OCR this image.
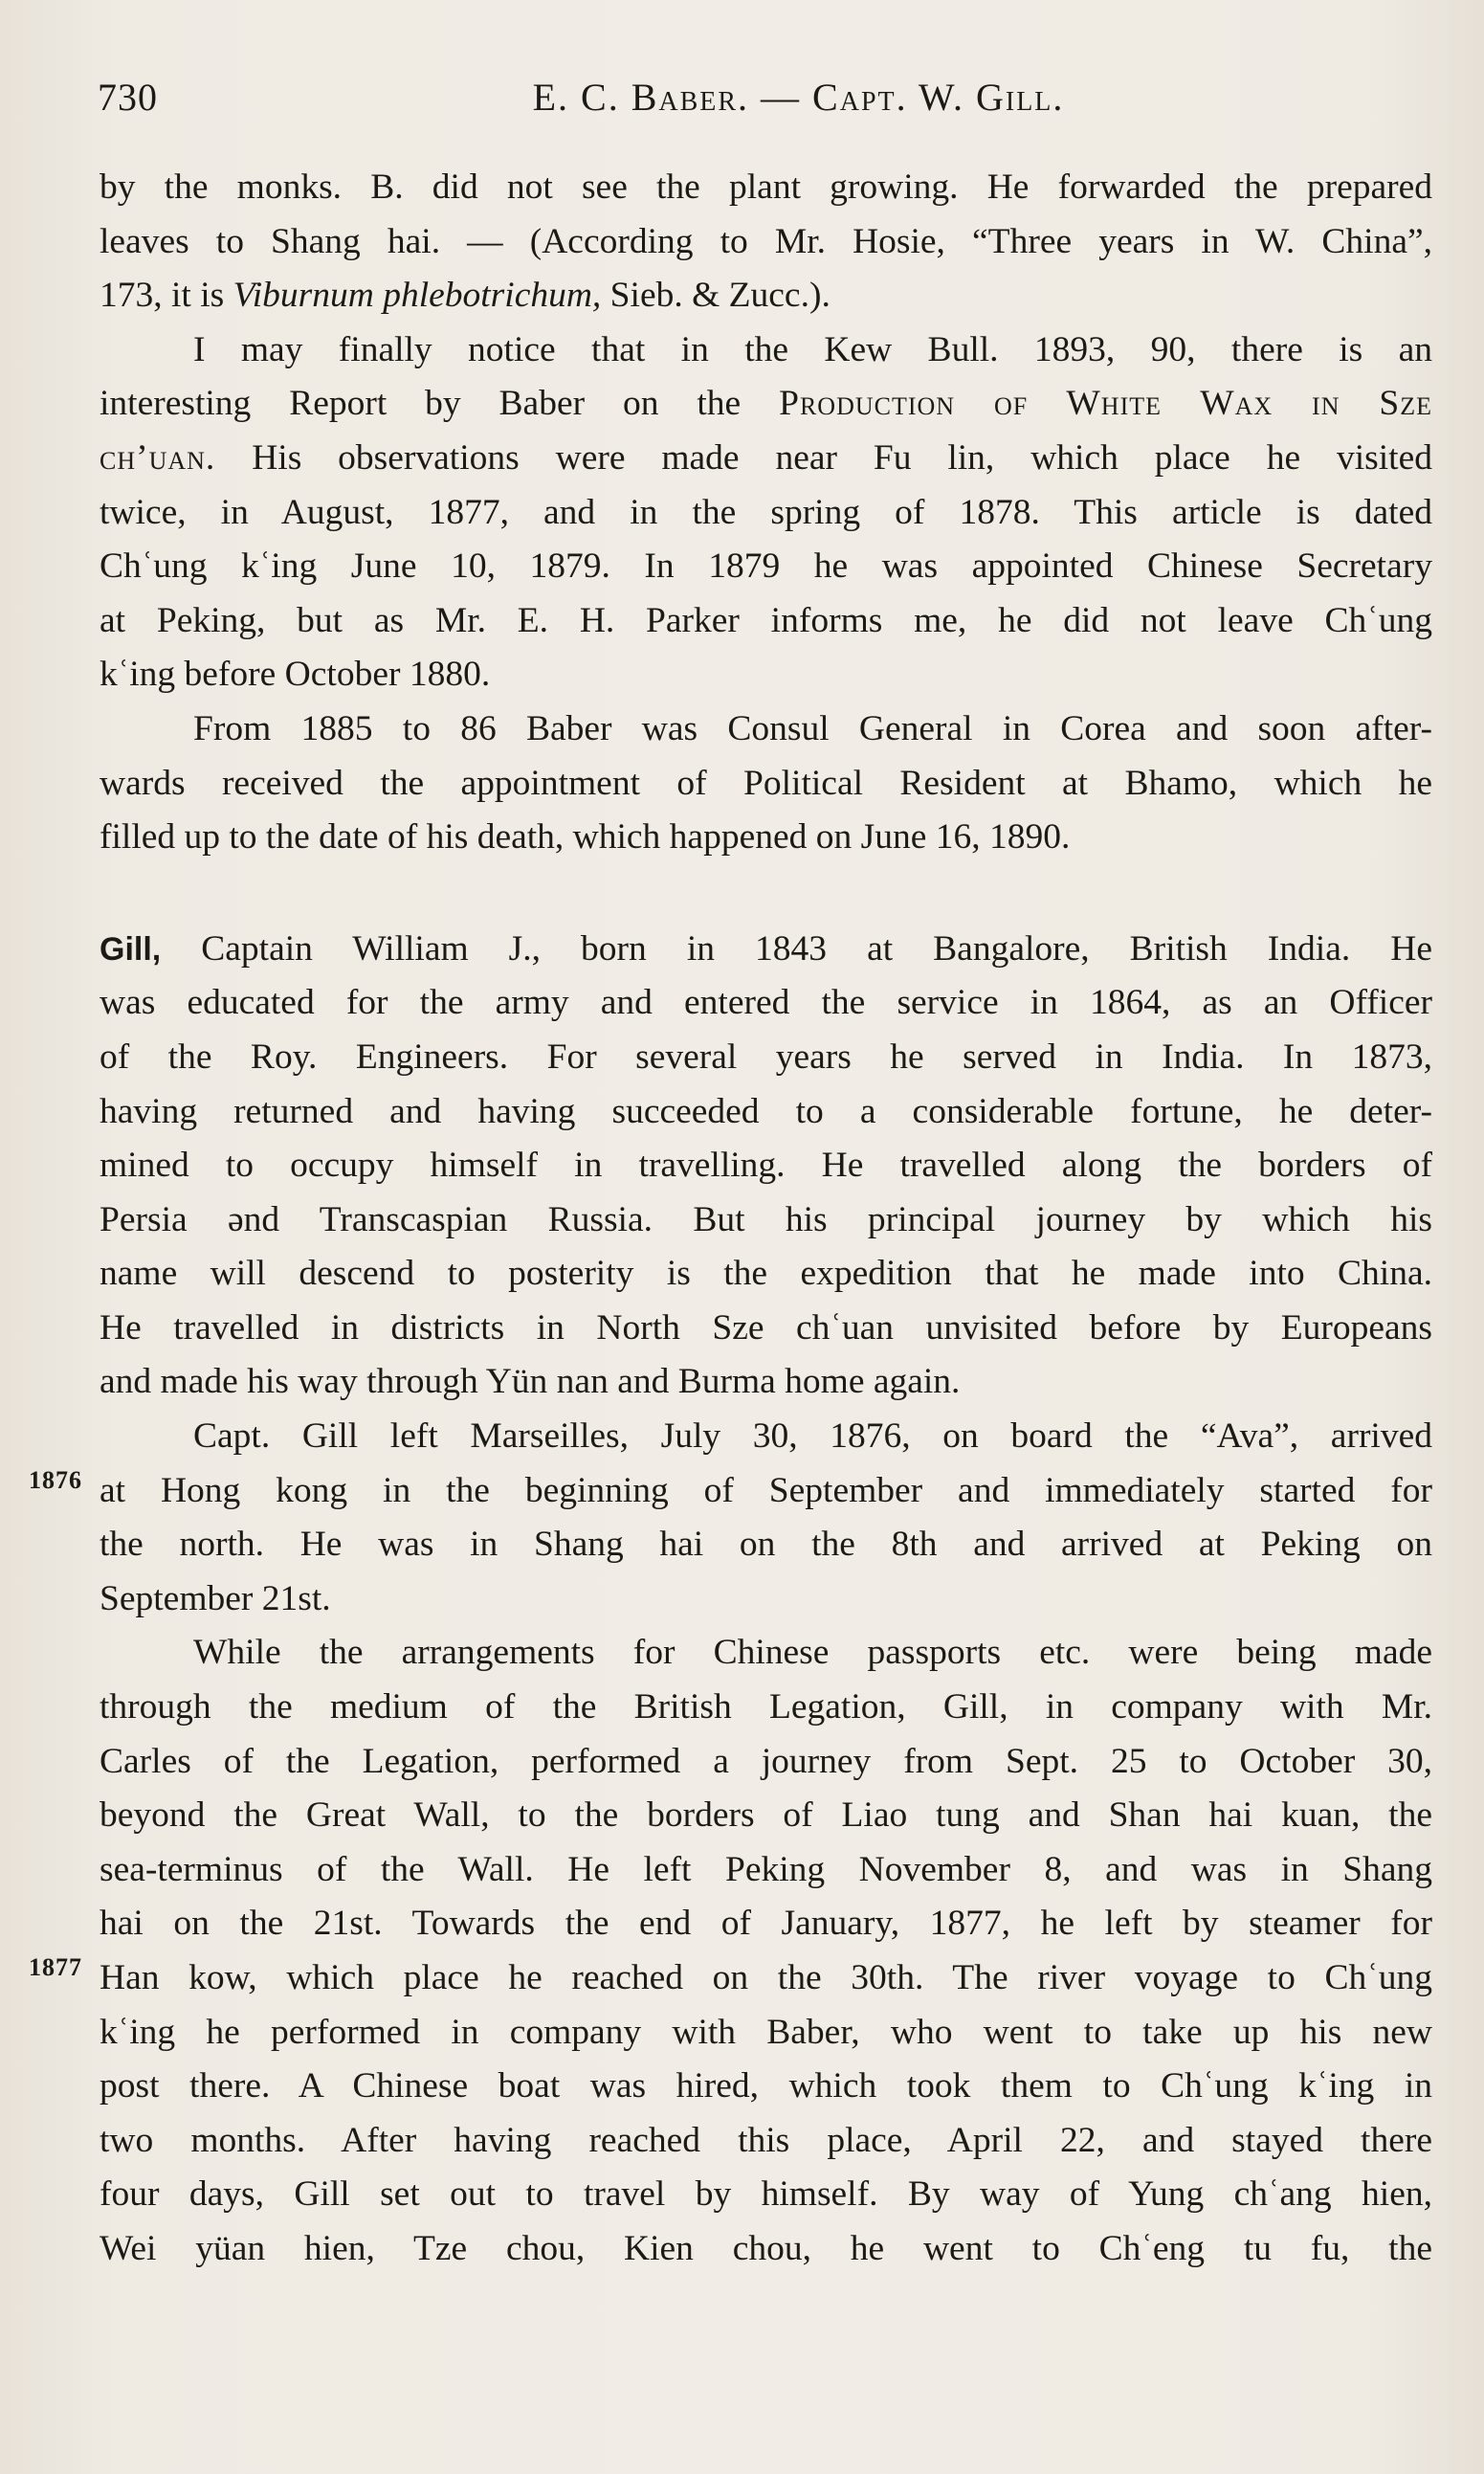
730	E. C. Baber. — Capt. W. Gill.
1876
1877
by the monks. B. did not see the plant growing. He forwarded the prepared
leaves to Shang hai. — (According to Mr. Hosie, “Three years in W. China”,
173, it is Viburnum phlebotrichum, Sieb. & Zucc.).
I may finally notice that in the Kew Bull. 1893, 90, there is an
interesting Report by Baber on the Production of White Wax in Sze
ch’uan. His observations were made near Fu lin, which place he visited
twice, in August, 1877, and in the spring of 1878. This article is dated
Chʿung kʿing June 10, 1879. In 1879 he was appointed Chinese Secretary
at Peking, but as Mr. E. H. Parker informs me, he did not leave Chʿung
kʿing before October 1880.
From 1885 to 86 Baber was Consul General in Corea and soon after-
wards received the appointment of Political Resident at Bhamo, which he
filled up to the date of his death, which happened on June 16, 1890.
Gill, Captain William J., born in 1843 at Bangalore, British India. He
was educated for the army and entered the service in 1864, as an Officer
of the Roy. Engineers. For several years he served in India. In 1873,
having returned and having succeeded to a considerable fortune, he deter-
mined to occupy himself in travelling. He travelled along the borders of
Persia ənd Transcaspian Russia. But his principal journey by which his
name will descend to posterity is the expedition that he made into China.
He travelled in districts in North Sze chʿuan unvisited before by Europeans
and made his way through Yün nan and Burma home again.
Capt. Gill left Marseilles, July 30, 1876, on board the “Ava”, arrived
at Hong kong in the beginning of September and immediately started for
the north. He was in Shang hai on the 8th and arrived at Peking on
September 21st.
While the arrangements for Chinese passports etc. were being made
through the medium of the British Legation, Gill, in company with Mr.
Carles of the Legation, performed a journey from Sept. 25 to October 30,
beyond the Great Wall, to the borders of Liao tung and Shan hai kuan, the
sea-terminus of the Wall. He left Peking November 8, and was in Shang
hai on the 21st. Towards the end of January, 1877, he left by steamer for
Han kow, which place he reached on the 30th. The river voyage to Chʿung
kʿing he performed in company with Baber, who went to take up his new
post there. A Chinese boat was hired, which took them to Chʿung kʿing in
two months. After having reached this place, April 22, and stayed there
four days, Gill set out to travel by himself. By way of Yung chʿang hien,
Wei yüan hien, Tze chou, Kien chou, he went to Chʿeng tu fu, the
